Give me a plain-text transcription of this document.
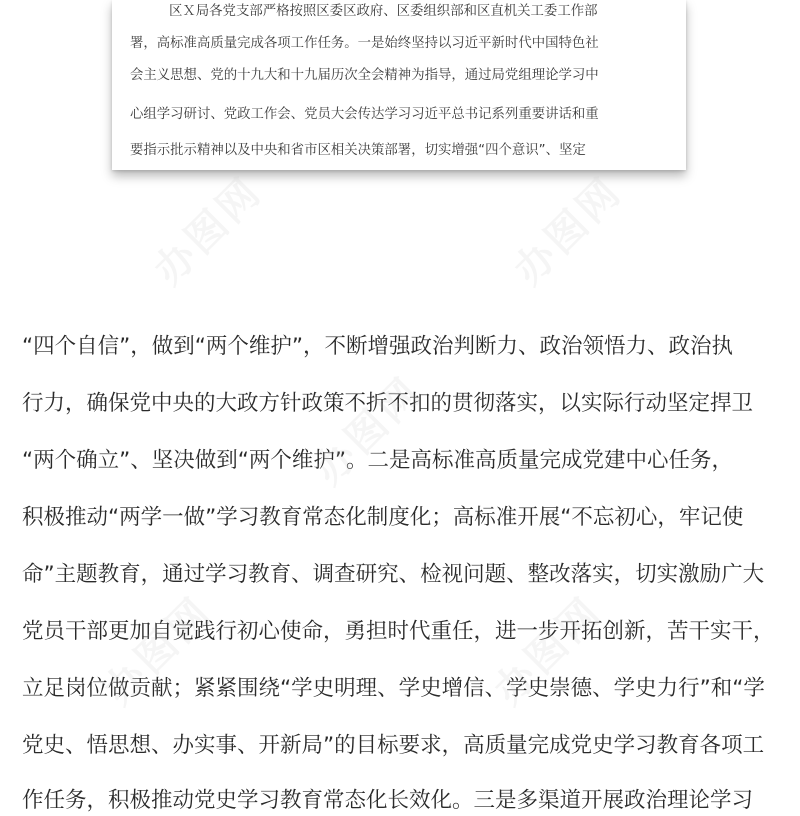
区Ｘ局各党支部严格按照区委区政府、区委组织部和区直机关工委工作部
署，高标准高质量完成各项工作任务。一是始终坚持以习近平新时代中国特色社
会主义思想、党的十九大和十九届历次全会精神为指导，通过局党组理论学习中
心组学习研讨、党政工作会、党员大会传达学习习近平总书记系列重要讲话和重
要指示批示精神以及中央和省市区相关决策部署，切实增强“四个意识”、坚定
“四个自信”，做到“两个维护”，不断增强政治判断力、政治领悟力、政治执
行力，确保党中央的大政方针政策不折不扣的贯彻落实，以实际行动坚定捍卫
“两个确立”、坚决做到“两个维护”。二是高标准高质量完成党建中心任务，
积极推动“两学一做”学习教育常态化制度化；高标准开展“不忘初心，牢记使
命”主题教育，通过学习教育、调查研究、检视问题、整改落实，切实激励广大
党员干部更加自觉践行初心使命，勇担时代重任，进一步开拓创新，苦干实干，
立足岗位做贡献；紧紧围绕“学史明理、学史增信、学史崇德、学史力行”和“学
党史、悟思想、办实事、开新局”的目标要求，高质量完成党史学习教育各项工
作任务，积极推动党史学习教育常态化长效化。三是多渠道开展政治理论学习
办图网	办图网
办图网
办图网	办图网
